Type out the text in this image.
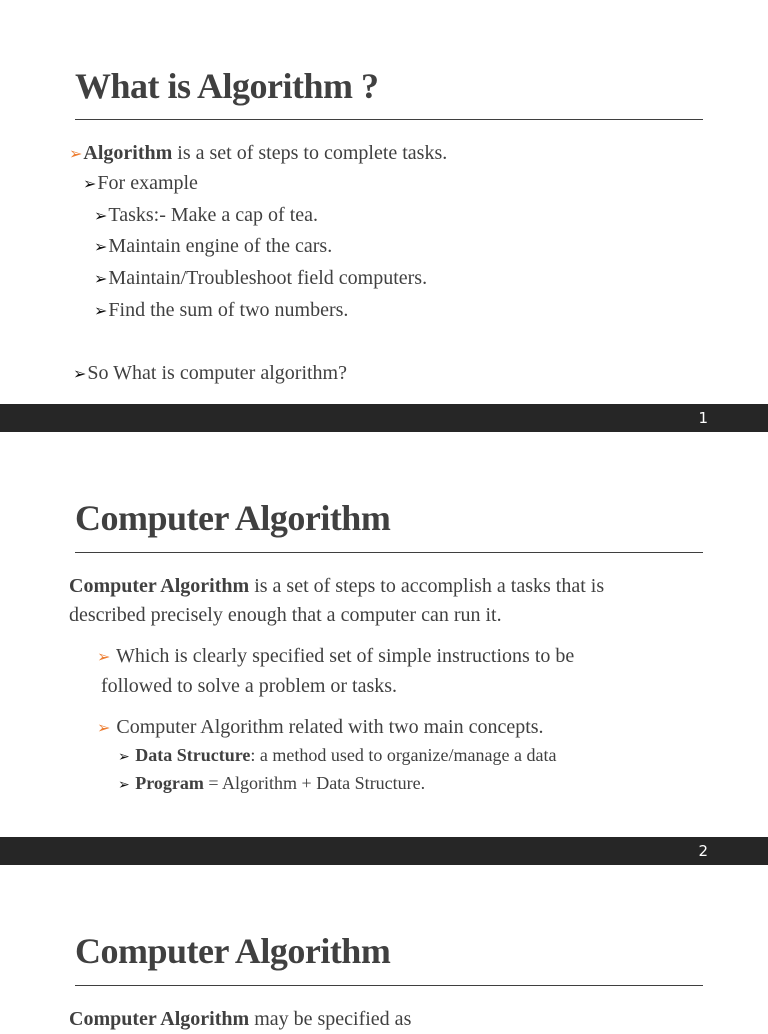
What is Algorithm ?
➢Algorithm is a set of steps to complete tasks.
➢For example
➢Tasks:- Make a cap of tea.
➢Maintain engine of the cars.
➢Maintain/Troubleshoot field computers.
➢Find the sum of two numbers.
➢So What is computer algorithm?
1
Computer Algorithm
Computer Algorithm is a set of steps to accomplish a tasks that is
described precisely enough that a computer can run it.
➢ Which is clearly specified set of simple instructions to be
followed to solve a problem or tasks.
➢ Computer Algorithm related with two main concepts.
➢ Data Structure: a method used to organize/manage a data
➢ Program = Algorithm + Data Structure.
2
Computer Algorithm
Computer Algorithm may be specified as
